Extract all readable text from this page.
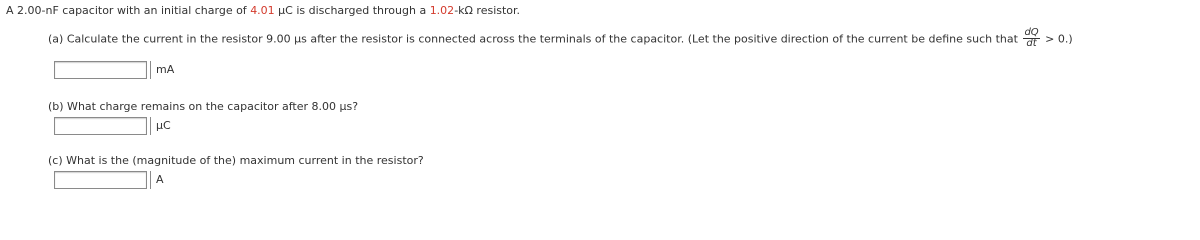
A 2.00-nF capacitor with an initial charge of 4.01 μC is discharged through a 1.02-kΩ resistor.
(a) Calculate the current in the resistor 9.00 μs after the resistor is connected across the terminals of the capacitor. (Let the positive direction of the current be define such that $\frac{dQ}{dt} > 0$.)
mA
(b) What charge remains on the capacitor after 8.00 μs?
μC
(c) What is the (magnitude of the) maximum current in the resistor?
A
